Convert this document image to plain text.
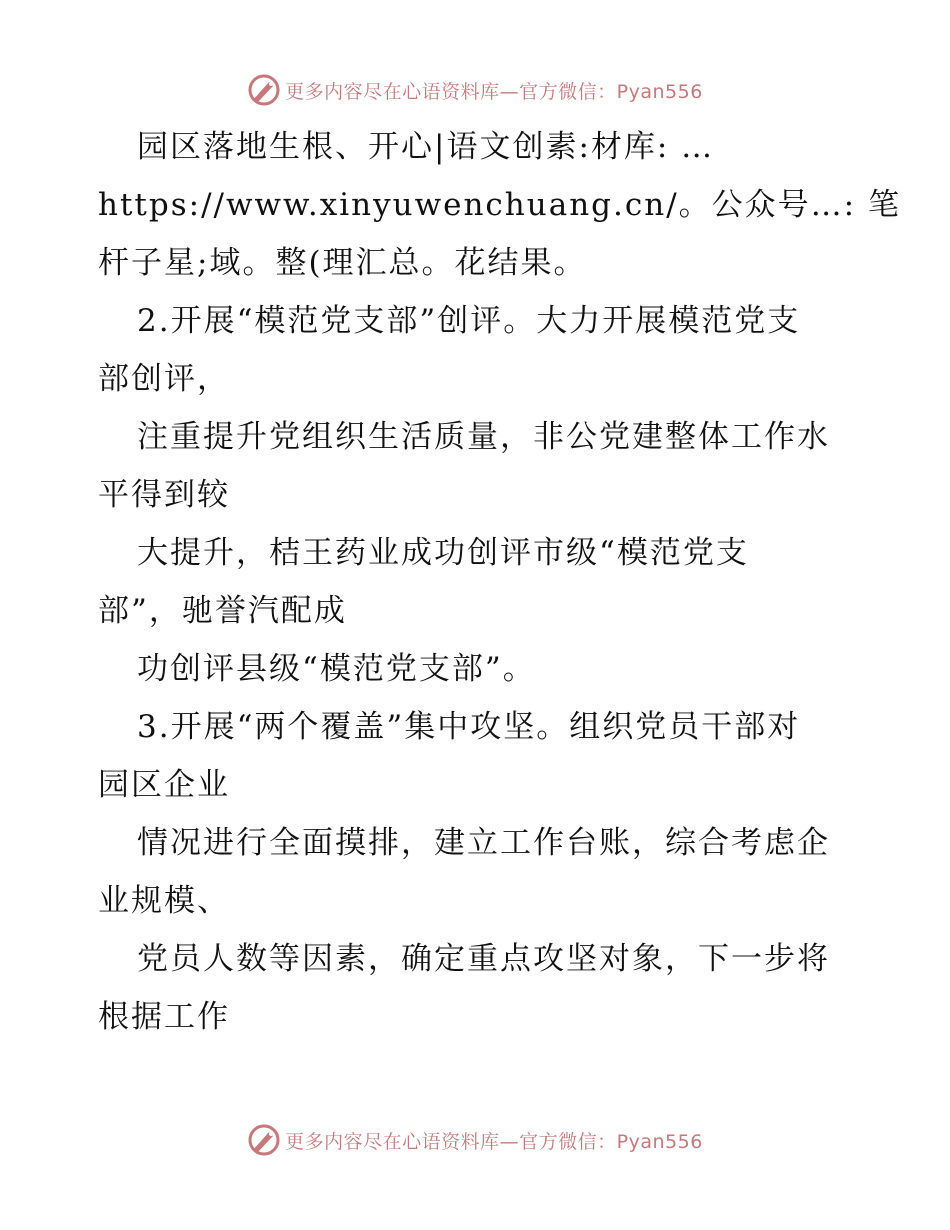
更多内容尽在心语资料库—官方微信：Pyan556
园区落地生根、开心|语文创素:材库: …
https://www.xinyuwenchuang.cn/。公众号…: 笔
杆子星;域。整(理汇总。花结果。
2.开展“模范党支部”创评。大力开展模范党支
部创评，
注重提升党组织生活质量，非公党建整体工作水
平得到较
大提升，桔王药业成功创评市级“模范党支
部”，驰誉汽配成
功创评县级“模范党支部”。
3.开展“两个覆盖”集中攻坚。组织党员干部对
园区企业
情况进行全面摸排，建立工作台账，综合考虑企
业规模、
党员人数等因素，确定重点攻坚对象，下一步将
根据工作
更多内容尽在心语资料库—官方微信：Pyan556
